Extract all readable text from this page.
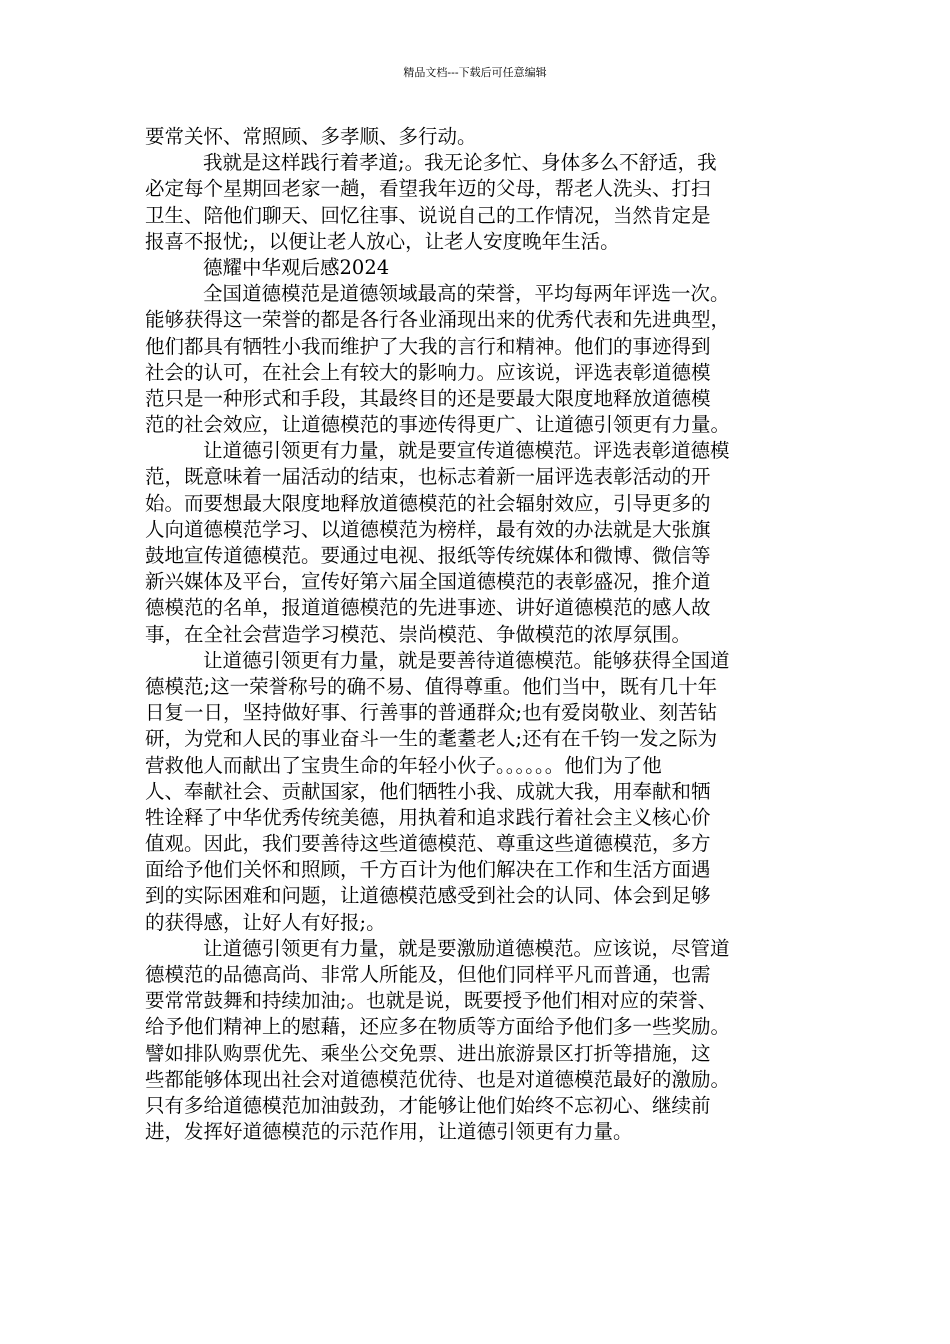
精品文档---下载后可任意编辑
要常关怀、常照顾、多孝顺、多行动。
我就是这样践行着孝道;。我无论多忙、身体多么不舒适，我
必定每个星期回老家一趟，看望我年迈的父母，帮老人洗头、打扫
卫生、陪他们聊天、回忆往事、说说自己的工作情况，当然肯定是
报喜不报忧;，以便让老人放心，让老人安度晚年生活。
德耀中华观后感2024
全国道德模范是道德领域最高的荣誉，平均每两年评选一次。
能够获得这一荣誉的都是各行各业涌现出来的优秀代表和先进典型，
他们都具有牺牲小我而维护了大我的言行和精神。他们的事迹得到
社会的认可，在社会上有较大的影响力。应该说，评选表彰道德模
范只是一种形式和手段，其最终目的还是要最大限度地释放道德模
范的社会效应，让道德模范的事迹传得更广、让道德引领更有力量。
让道德引领更有力量，就是要宣传道德模范。评选表彰道德模
范，既意味着一届活动的结束，也标志着新一届评选表彰活动的开
始。而要想最大限度地释放道德模范的社会辐射效应，引导更多的
人向道德模范学习、以道德模范为榜样，最有效的办法就是大张旗
鼓地宣传道德模范。要通过电视、报纸等传统媒体和微博、微信等
新兴媒体及平台，宣传好第六届全国道德模范的表彰盛况，推介道
德模范的名单，报道道德模范的先进事迹、讲好道德模范的感人故
事，在全社会营造学习模范、崇尚模范、争做模范的浓厚氛围。
让道德引领更有力量，就是要善待道德模范。能够获得全国道
德模范;这一荣誉称号的确不易、值得尊重。他们当中，既有几十年
日复一日，坚持做好事、行善事的普通群众;也有爱岗敬业、刻苦钻
研，为党和人民的事业奋斗一生的耄耋老人;还有在千钧一发之际为
营救他人而献出了宝贵生命的年轻小伙子。。。。。。他们为了他
人、奉献社会、贡献国家，他们牺牲小我、成就大我，用奉献和牺
牲诠释了中华优秀传统美德，用执着和追求践行着社会主义核心价
值观。因此，我们要善待这些道德模范、尊重这些道德模范，多方
面给予他们关怀和照顾，千方百计为他们解决在工作和生活方面遇
到的实际困难和问题，让道德模范感受到社会的认同、体会到足够
的获得感，让好人有好报;。
让道德引领更有力量，就是要激励道德模范。应该说，尽管道
德模范的品德高尚、非常人所能及，但他们同样平凡而普通，也需
要常常鼓舞和持续加油;。也就是说，既要授予他们相对应的荣誉、
给予他们精神上的慰藉，还应多在物质等方面给予他们多一些奖励。
譬如排队购票优先、乘坐公交免票、进出旅游景区打折等措施，这
些都能够体现出社会对道德模范优待、也是对道德模范最好的激励。
只有多给道德模范加油鼓劲，才能够让他们始终不忘初心、继续前
进，发挥好道德模范的示范作用，让道德引领更有力量。
